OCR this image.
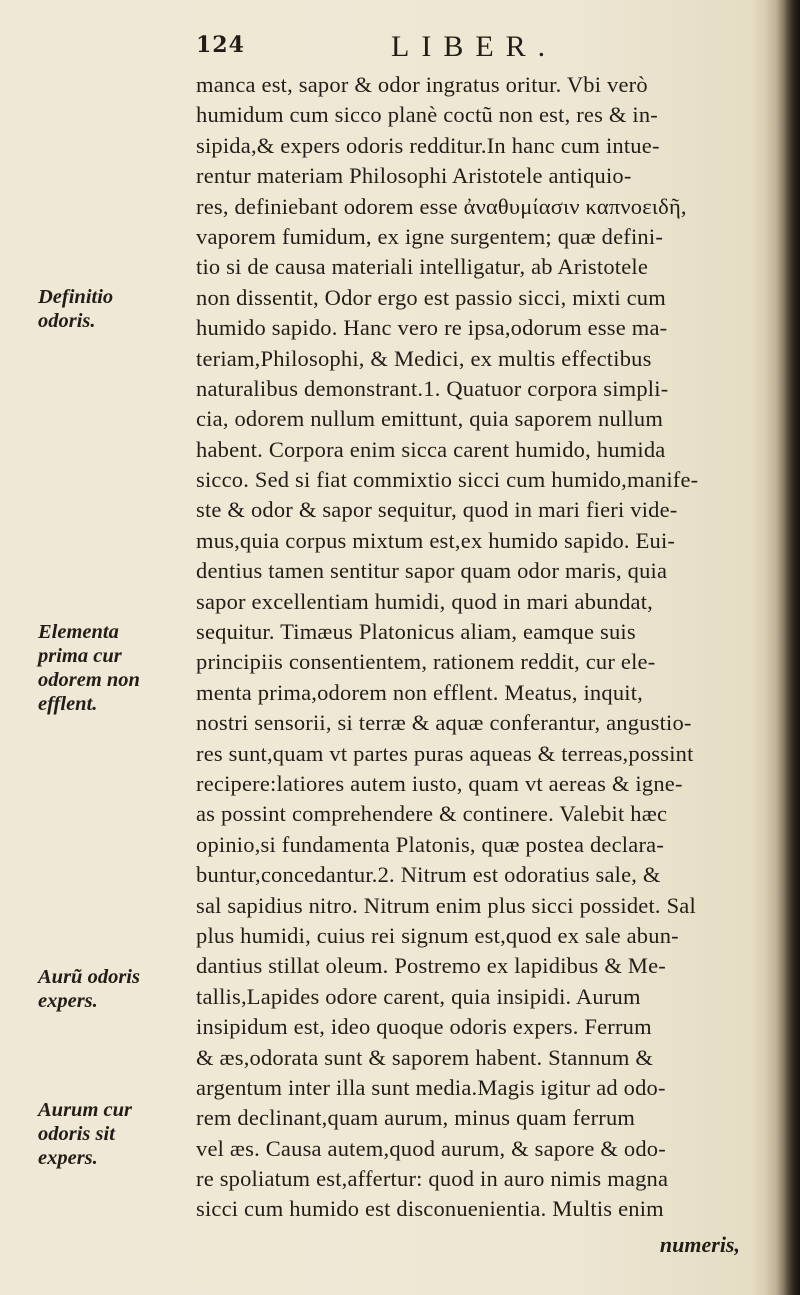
124	LIBER.
manca est, sapor & odor ingratus oritur. Vbi verò
humidum cum sicco planè coctũ non est, res & in-
sipida,& expers odoris redditur.In hanc cum intue-
rentur materiam Philosophi Aristotele antiquio-
res, definiebant odorem esse ἀναθυμίασιν καπνοειδῆ,
vaporem fumidum, ex igne surgentem; quæ defini-
tio si de causa materiali intelligatur, ab Aristotele
non dissentit, Odor ergo est passio sicci, mixti cum
humido sapido. Hanc vero re ipsa,odorum esse ma-
teriam,Philosophi, & Medici, ex multis effectibus
naturalibus demonstrant.1. Quatuor corpora simpli-
cia, odorem nullum emittunt, quia saporem nullum
habent. Corpora enim sicca carent humido, humida
sicco. Sed si fiat commixtio sicci cum humido,manife-
ste & odor & sapor sequitur, quod in mari fieri vide-
mus,quia corpus mixtum est,ex humido sapido. Eui-
dentius tamen sentitur sapor quam odor maris, quia
sapor excellentiam humidi, quod in mari abundat,
sequitur. Timæus Platonicus aliam, eamque suis
principiis consentientem, rationem reddit, cur ele-
menta prima,odorem non efflent. Meatus, inquit,
nostri sensorii, si terræ & aquæ conferantur, angustio-
res sunt,quam vt partes puras aqueas & terreas,possint
recipere:latiores autem iusto, quam vt aereas & igne-
as possint comprehendere & continere. Valebit hæc
opinio,si fundamenta Platonis, quæ postea declara-
buntur,concedantur.2. Nitrum est odoratius sale, &
sal sapidius nitro. Nitrum enim plus sicci possidet. Sal
plus humidi, cuius rei signum est,quod ex sale abun-
dantius stillat oleum. Postremo ex lapidibus & Me-
tallis,Lapides odore carent, quia insipidi. Aurum
insipidum est, ideo quoque odoris expers. Ferrum
& æs,odorata sunt & saporem habent. Stannum &
argentum inter illa sunt media.Magis igitur ad odo-
rem declinant,quam aurum, minus quam ferrum
vel æs. Causa autem,quod aurum, & sapore & odo-
re spoliatum est,affertur: quod in auro nimis magna
sicci cum humido est disconuenientia. Multis enim
Definitio
odoris.
Elementa
prima cur
odorem non
efflent.
Aurũ odoris
expers.
Aurum cur
odoris sit
expers.
numeris,
